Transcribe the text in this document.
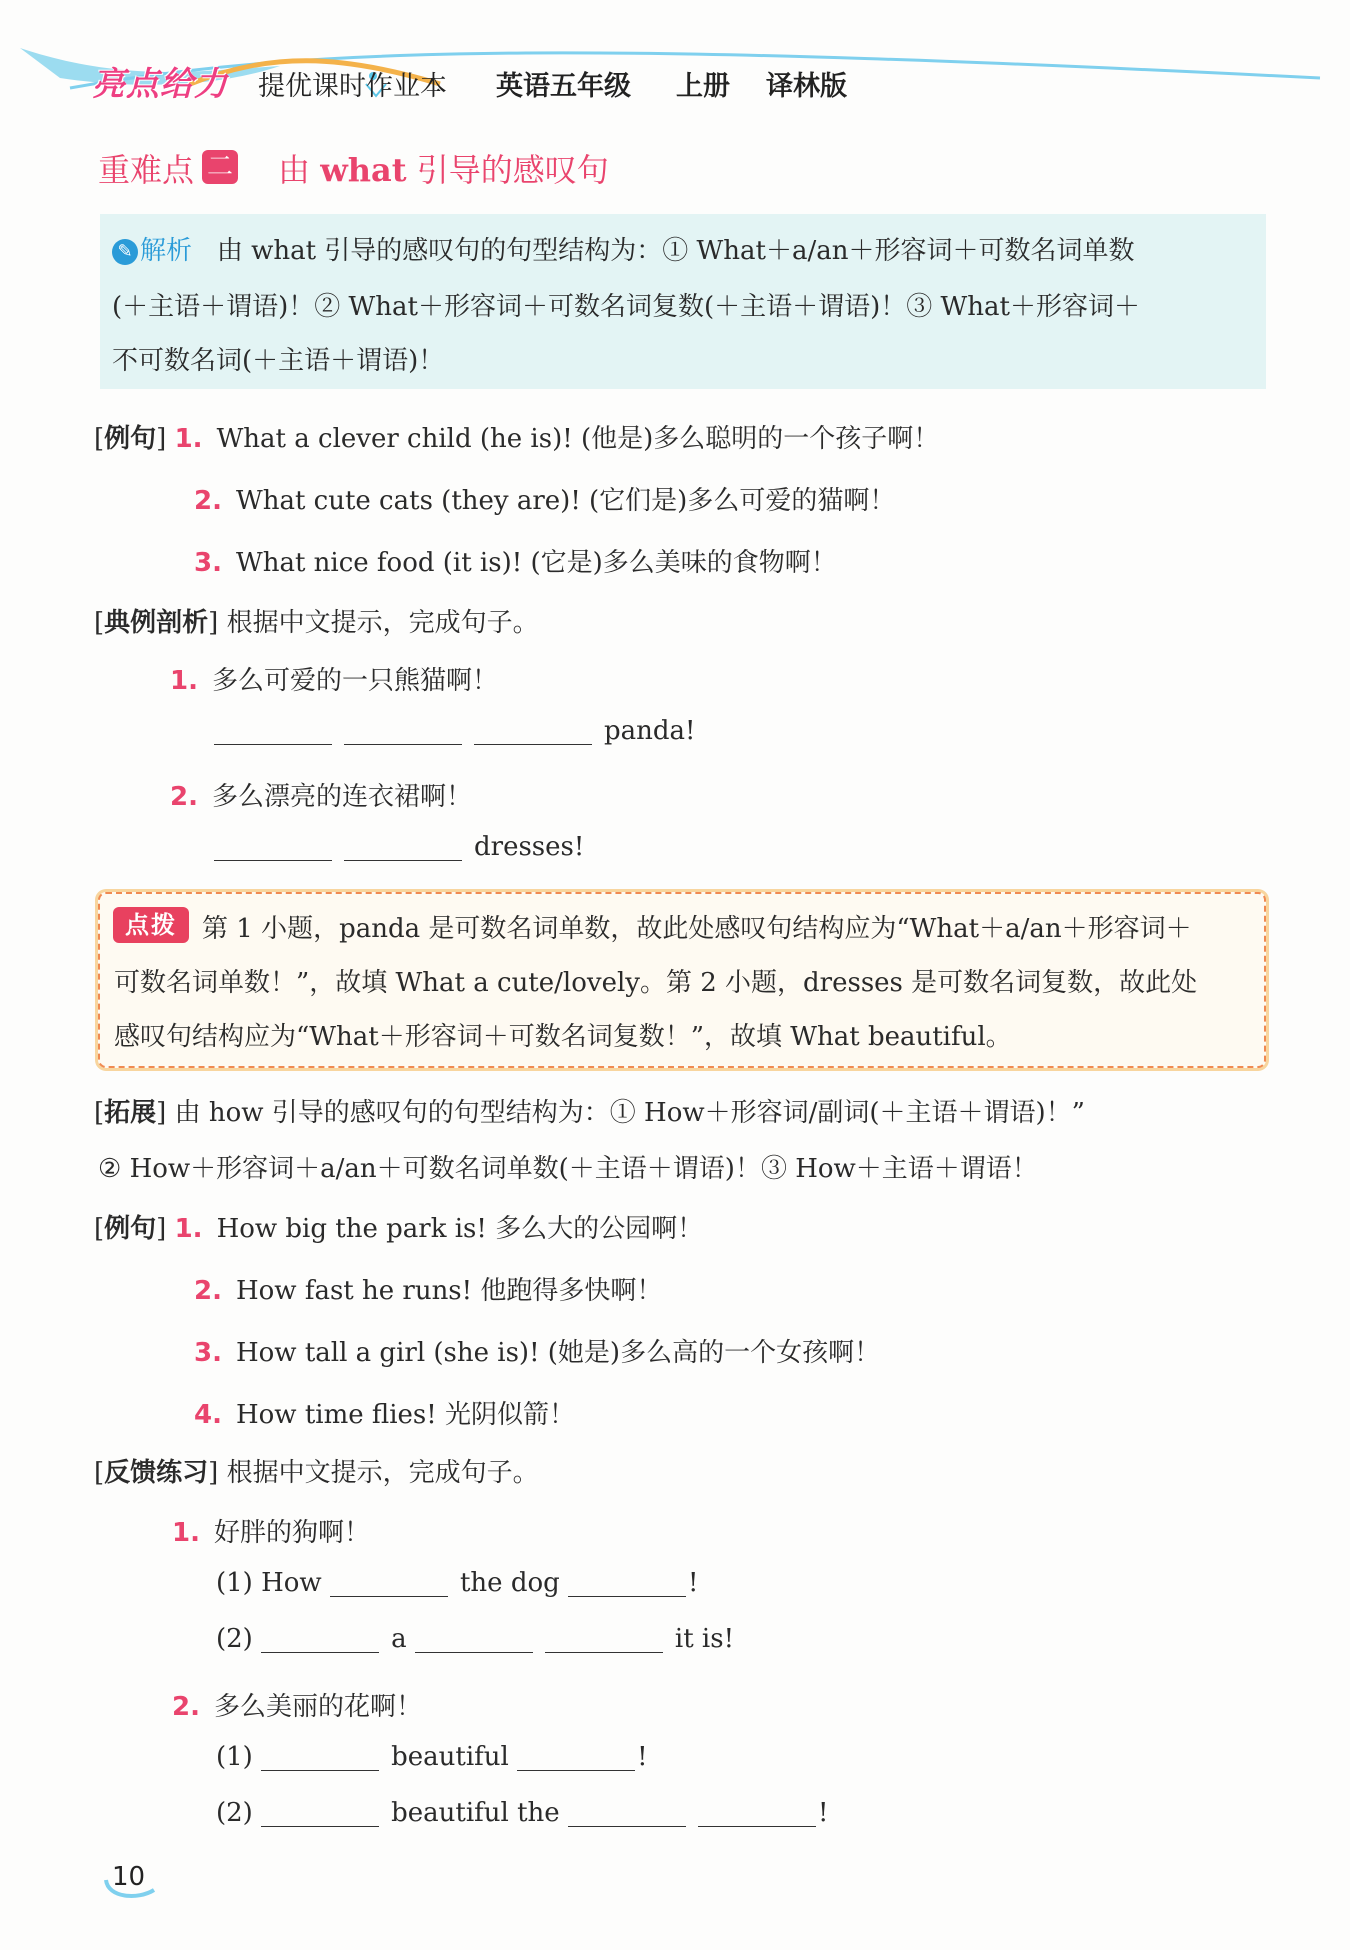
亮点给力 提优课时作业本 英语五年级 上册 译林版
重难点 二 由 what 引导的感叹句
✎ 解析 由 what 引导的感叹句的句型结构为：① What＋a/an＋形容词＋可数名词单数
(＋主语＋谓语)！② What＋形容词＋可数名词复数(＋主语＋谓语)！③ What＋形容词＋
不可数名词(＋主语＋谓语)！
[例句] 1. What a clever child (he is)! (他是)多么聪明的一个孩子啊！
2. What cute cats (they are)! (它们是)多么可爱的猫啊！
3. What nice food (it is)! (它是)多么美味的食物啊！
[典例剖析] 根据中文提示，完成句子。
1. 多么可爱的一只熊猫啊！
panda!
2. 多么漂亮的连衣裙啊！
dresses!
点拨 第 1 小题，panda 是可数名词单数，故此处感叹句结构应为“What＋a/an＋形容词＋
可数名词单数！”，故填 What a cute/lovely。第 2 小题，dresses 是可数名词复数，故此处
感叹句结构应为“What＋形容词＋可数名词复数！”，故填 What beautiful。
[拓展] 由 how 引导的感叹句的句型结构为：① How＋形容词/副词(＋主语＋谓语)！”
② How＋形容词＋a/an＋可数名词单数(＋主语＋谓语)！③ How＋主语＋谓语！
[例句] 1. How big the park is! 多么大的公园啊！
2. How fast he runs! 他跑得多快啊！
3. How tall a girl (she is)! (她是)多么高的一个女孩啊！
4. How time flies! 光阴似箭！
[反馈练习] 根据中文提示，完成句子。
1. 好胖的狗啊！
(1) How	the dog	!
(2)	a	it is!
2. 多么美丽的花啊！
(1)	beautiful	!
(2)	beautiful the	!
10
